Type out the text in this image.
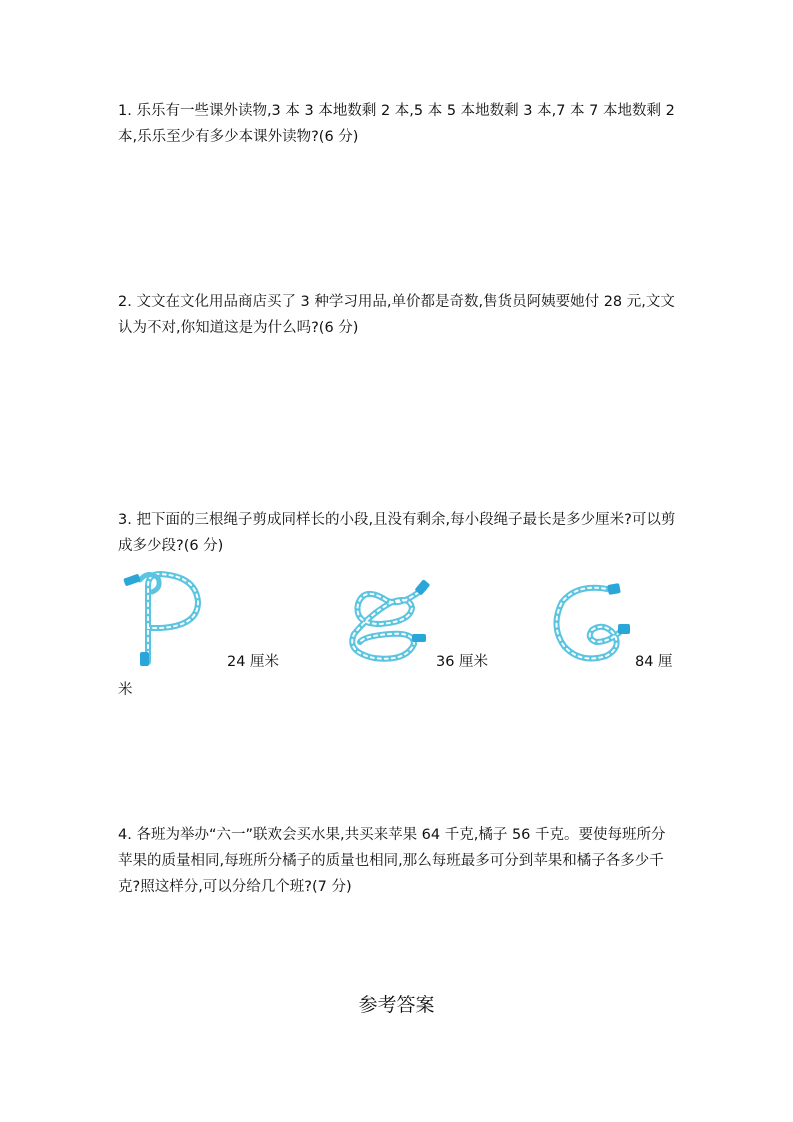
1. 乐乐有一些课外读物,3 本 3 本地数剩 2 本,5 本 5 本地数剩 3 本,7 本 7 本地数剩 2 本,乐乐至少有多少本课外读物?(6 分)
2. 文文在文化用品商店买了 3 种学习用品,单价都是奇数,售货员阿姨要她付 28 元,文文认为不对,你知道这是为什么吗?(6 分)
3. 把下面的三根绳子剪成同样长的小段,且没有剩余,每小段绳子最长是多少厘米?可以剪成多少段?(6 分)
24 厘米	36 厘米	84 厘
米
4. 各班为举办“六一”联欢会买水果,共买来苹果 64 千克,橘子 56 千克。要使每班所分苹果的质量相同,每班所分橘子的质量也相同,那么每班最多可分到苹果和橘子各多少千克?照这样分,可以分给几个班?(7 分)
参考答案
